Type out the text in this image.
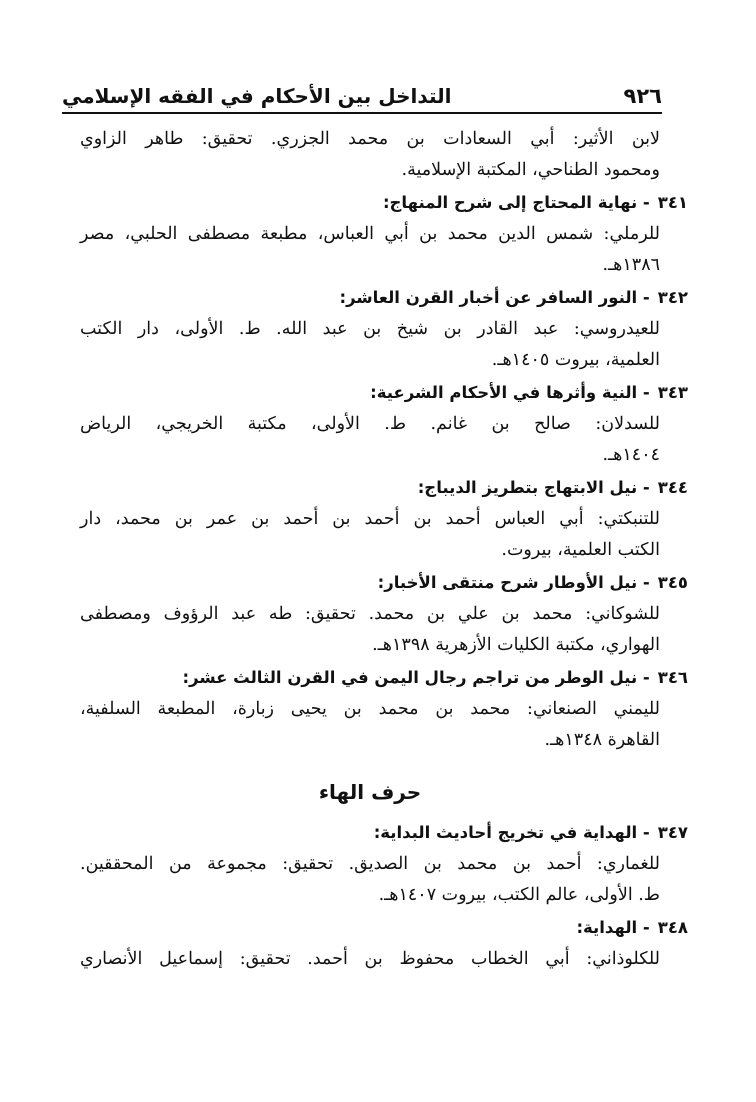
٩٢٦
التداخل بين الأحكام في الفقه الإسلامي
لابن الأثير: أبي السعادات بن محمد الجزري. تحقيق: طاهر الزاوي
ومحمود الطناحي، المكتبة الإسلامية.
٣٤١
- نهاية المحتاج إلى شرح المنهاج:
للرملي: شمس الدين محمد بن أبي العباس، مطبعة مصطفى الحلبي، مصر
١٣٨٦هـ.
٣٤٢
- النور السافر عن أخبار القرن العاشر:
للعيدروسي: عبد القادر بن شيخ بن عبد الله. ط. الأولى، دار الكتب
العلمية، بيروت ١٤٠٥هـ.
٣٤٣
- النية وأثرها في الأحكام الشرعية:
للسدلان: صالح بن غانم. ط. الأولى، مكتبة الخريجي، الرياض
١٤٠٤هـ.
٣٤٤
- نيل الابتهاج بتطريز الديباج:
للتنبكتي: أبي العباس أحمد بن أحمد بن أحمد بن عمر بن محمد، دار
الكتب العلمية، بيروت.
٣٤٥
- نيل الأوطار شرح منتقى الأخبار:
للشوكاني: محمد بن علي بن محمد. تحقيق: طه عبد الرؤوف ومصطفى
الهواري، مكتبة الكليات الأزهرية ١٣٩٨هـ.
٣٤٦
- نيل الوطر من تراجم رجال اليمن في القرن الثالث عشر:
لليمني الصنعاني: محمد بن محمد بن يحيى زبارة، المطبعة السلفية،
القاهرة ١٣٤٨هـ.
حرف الهاء
٣٤٧
- الهداية في تخريج أحاديث البداية:
للغماري: أحمد بن محمد بن الصديق. تحقيق: مجموعة من المحققين.
ط. الأولى، عالم الكتب، بيروت ١٤٠٧هـ.
٣٤٨
- الهداية:
للكلوذاني: أبي الخطاب محفوظ بن أحمد. تحقيق: إسماعيل الأنصاري
